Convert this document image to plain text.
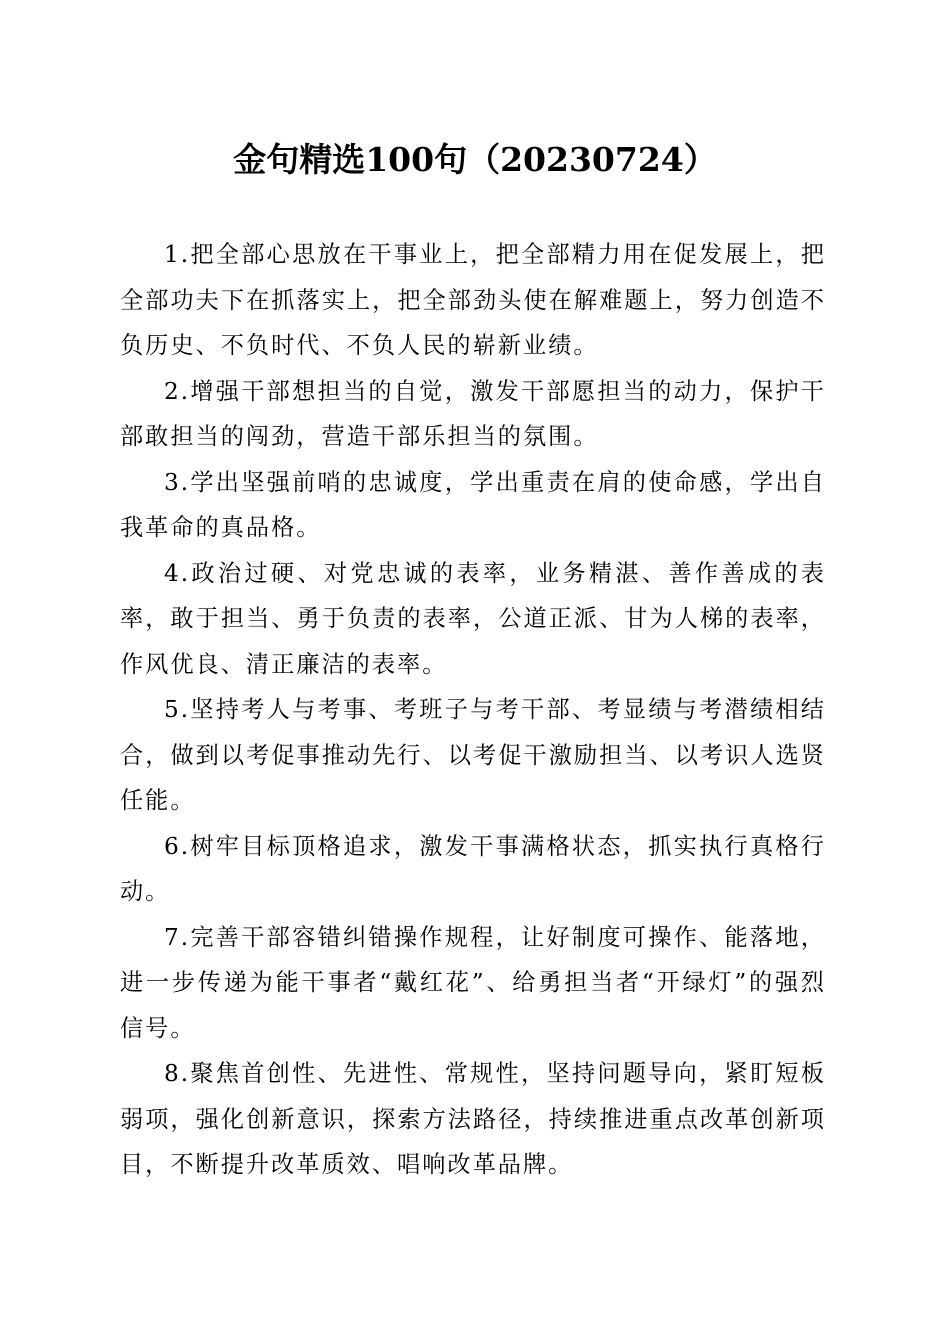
金句精选100句（20230724）

1.把全部心思放在干事业上，把全部精力用在促发展上，把全部功夫下在抓落实上，把全部劲头使在解难题上，努力创造不负历史、不负时代、不负人民的崭新业绩。

2.增强干部想担当的自觉，激发干部愿担当的动力，保护干部敢担当的闯劲，营造干部乐担当的氛围。

3.学出坚强前哨的忠诚度，学出重责在肩的使命感，学出自我革命的真品格。

4.政治过硬、对党忠诚的表率，业务精湛、善作善成的表率，敢于担当、勇于负责的表率，公道正派、甘为人梯的表率，作风优良、清正廉洁的表率。

5.坚持考人与考事、考班子与考干部、考显绩与考潜绩相结合，做到以考促事推动先行、以考促干激励担当、以考识人选贤任能。

6.树牢目标顶格追求，激发干事满格状态，抓实执行真格行动。

7.完善干部容错纠错操作规程，让好制度可操作、能落地，进一步传递为能干事者“戴红花”、给勇担当者“开绿灯”的强烈信号。

8.聚焦首创性、先进性、常规性，坚持问题导向，紧盯短板弱项，强化创新意识，探索方法路径，持续推进重点改革创新项目，不断提升改革质效、唱响改革品牌。
